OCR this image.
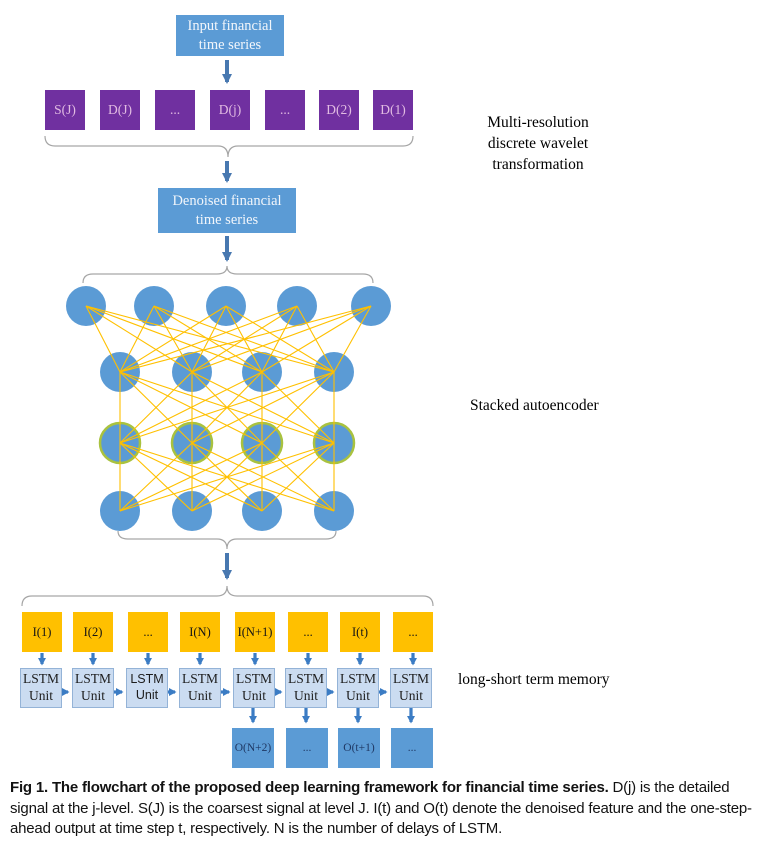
Input financial time series
Denoised financial time series
S(J)	D(J)	...	D(j)	...	D(2)	D(1)
I(1)	I(2)	...	I(N)	I(N+1)	...	I(t)	...
LSTM Unit
LSTM Unit
LSTM Unit
LSTM Unit
LSTM Unit
LSTM Unit
LSTM Unit
LSTM Unit
O(N+2)	...	O(t+1)	...
Multi-resolution discrete wavelet transformation
Stacked autoencoder
long-short term memory
Fig 1. The flowchart of the proposed deep learning framework for financial time series. D(j) is the detailed signal at the j-level. S(J) is the coarsest signal at level J. I(t) and O(t) denote the denoised feature and the one-step-ahead output at time step t, respectively. N is the number of delays of LSTM.
